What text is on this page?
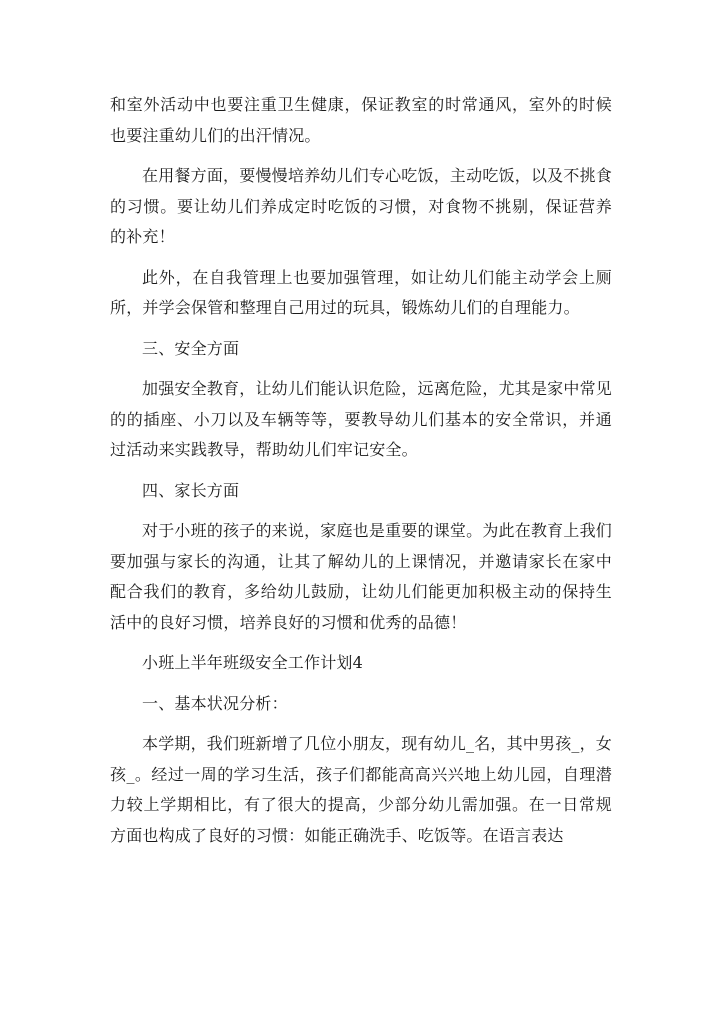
和室外活动中也要注重卫生健康，保证教室的时常通风，室外的时候也要注重幼儿们的出汗情况。

在用餐方面，要慢慢培养幼儿们专心吃饭，主动吃饭，以及不挑食的习惯。要让幼儿们养成定时吃饭的习惯，对食物不挑剔，保证营养的补充！

此外，在自我管理上也要加强管理，如让幼儿们能主动学会上厕所，并学会保管和整理自己用过的玩具，锻炼幼儿们的自理能力。

三、安全方面

加强安全教育，让幼儿们能认识危险，远离危险，尤其是家中常见的的插座、小刀以及车辆等等，要教导幼儿们基本的安全常识，并通过活动来实践教导，帮助幼儿们牢记安全。

四、家长方面

对于小班的孩子的来说，家庭也是重要的课堂。为此在教育上我们要加强与家长的沟通，让其了解幼儿的上课情况，并邀请家长在家中配合我们的教育，多给幼儿鼓励，让幼儿们能更加积极主动的保持生活中的良好习惯，培养良好的习惯和优秀的品德！

小班上半年班级安全工作计划4

一、基本状况分析：

本学期，我们班新增了几位小朋友，现有幼儿_名，其中男孩_，女孩_。经过一周的学习生活，孩子们都能高高兴兴地上幼儿园，自理潜力较上学期相比，有了很大的提高，少部分幼儿需加强。在一日常规方面也构成了良好的习惯：如能正确洗手、吃饭等。在语言表达
